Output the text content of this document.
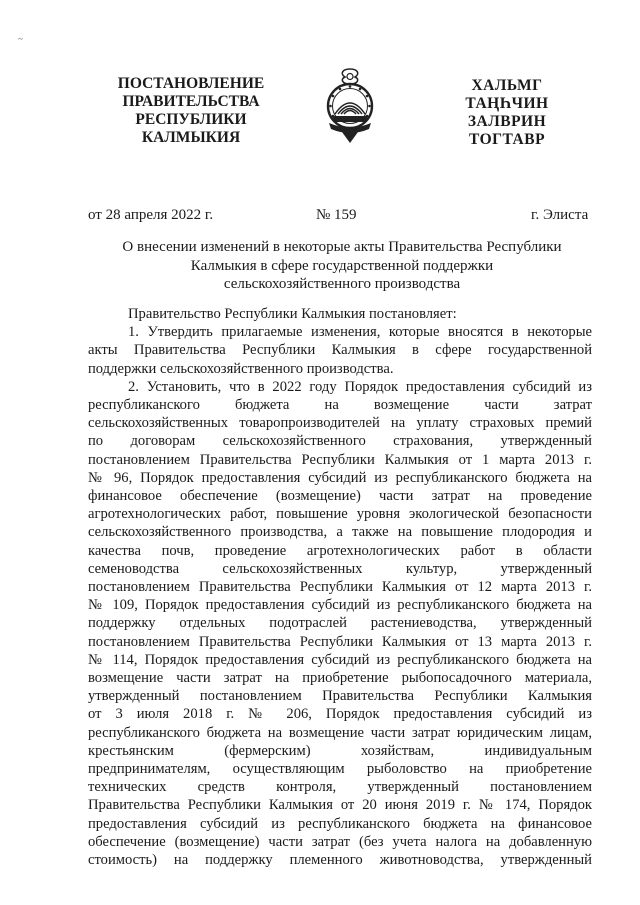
~
ПОСТАНОВЛЕНИЕ
ПРАВИТЕЛЬСТВА
РЕСПУБЛИКИ
КАЛМЫКИЯ
ХАЛЬМГ
ТАҢҺЧИН
ЗАЛВРИН
ТОГТАВР
от 28 апреля 2022 г.	№ 159	г. Элиста
О внесении изменений в некоторые акты Правительства Республики
Калмыкия в сфере государственной поддержки
сельскохозяйственного производства

Правительство Республики Калмыкия постановляет:

1. Утвердить прилагаемые изменения, которые вносятся в некоторые

акты Правительства Республики Калмыкия в сфере государственной

поддержки сельскохозяйственного производства.

2. Установить, что в 2022 году Порядок предоставления субсидий из

республиканского бюджета на возмещение части затрат

сельскохозяйственных товаропроизводителей на уплату страховых премий

по договорам сельскохозяйственного страхования, утвержденный

постановлением Правительства Республики Калмыкия от 1 марта 2013 г.

№ 96, Порядок предоставления субсидий из республиканского бюджета на

финансовое обеспечение (возмещение) части затрат на проведение

агротехнологических работ, повышение уровня экологической безопасности

сельскохозяйственного производства, а также на повышение плодородия и

качества почв, проведение агротехнологических работ в области

семеноводства сельскохозяйственных культур, утвержденный

постановлением Правительства Республики Калмыкия от 12 марта 2013 г.

№ 109, Порядок предоставления субсидий из республиканского бюджета на

поддержку отдельных подотраслей растениеводства, утвержденный

постановлением Правительства Республики Калмыкия от 13 марта 2013 г.

№ 114, Порядок предоставления субсидий из республиканского бюджета на

возмещение части затрат на приобретение рыбопосадочного материала,

утвержденный постановлением Правительства Республики Калмыкия

от 3 июля 2018 г. № 206, Порядок предоставления субсидий из

республиканского бюджета на возмещение части затрат юридическим лицам,

крестьянским (фермерским) хозяйствам, индивидуальным

предпринимателям, осуществляющим рыболовство на приобретение

технических средств контроля, утвержденный постановлением

Правительства Республики Калмыкия от 20 июня 2019 г. № 174, Порядок

предоставления субсидий из республиканского бюджета на финансовое

обеспечение (возмещение) части затрат (без учета налога на добавленную

стоимость) на поддержку племенного животноводства, утвержденный
